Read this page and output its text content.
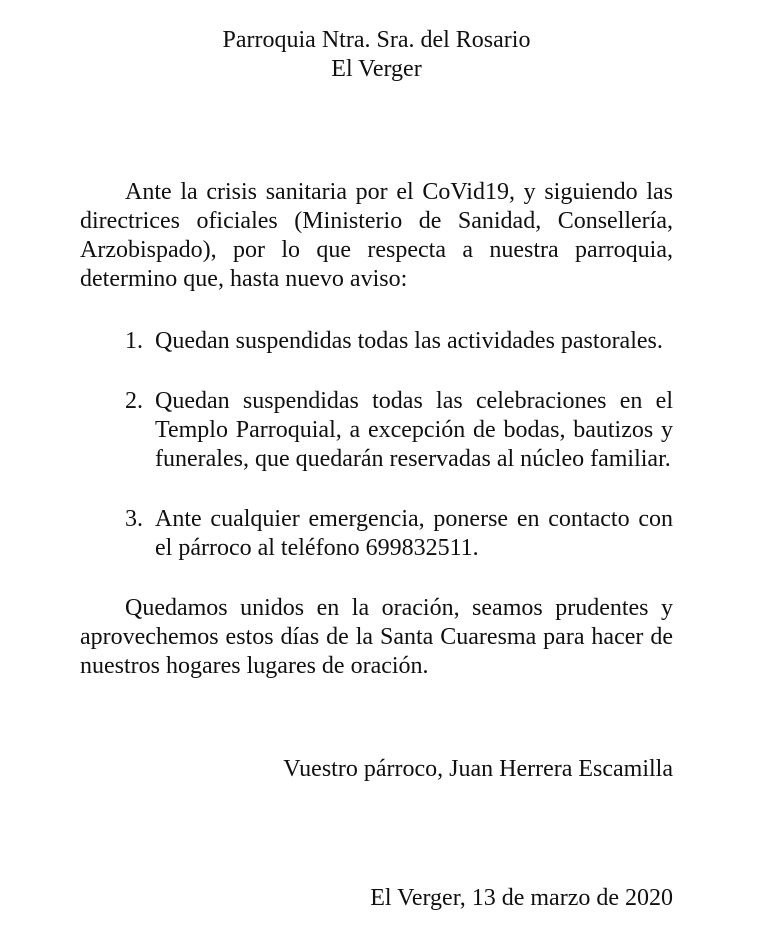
Parroquia Ntra. Sra. del Rosario

El Verger

Ante la crisis sanitaria por el CoVid19, y siguiendo las directrices oficiales (Ministerio de Sanidad, Consellería, Arzobispado), por lo que respecta a nuestra parroquia, determino que, hasta nuevo aviso:

1. Quedan suspendidas todas las actividades pastorales.

2. Quedan suspendidas todas las celebraciones en el Templo Parroquial, a excepción de bodas, bautizos y funerales, que quedarán reservadas al núcleo familiar.

3. Ante cualquier emergencia, ponerse en contacto con el párroco al teléfono 699832511.

Quedamos unidos en la oración, seamos prudentes y aprovechemos estos días de la Santa Cuaresma para hacer de nuestros hogares lugares de oración.

Vuestro párroco, Juan Herrera Escamilla

El Verger, 13 de marzo de 2020
